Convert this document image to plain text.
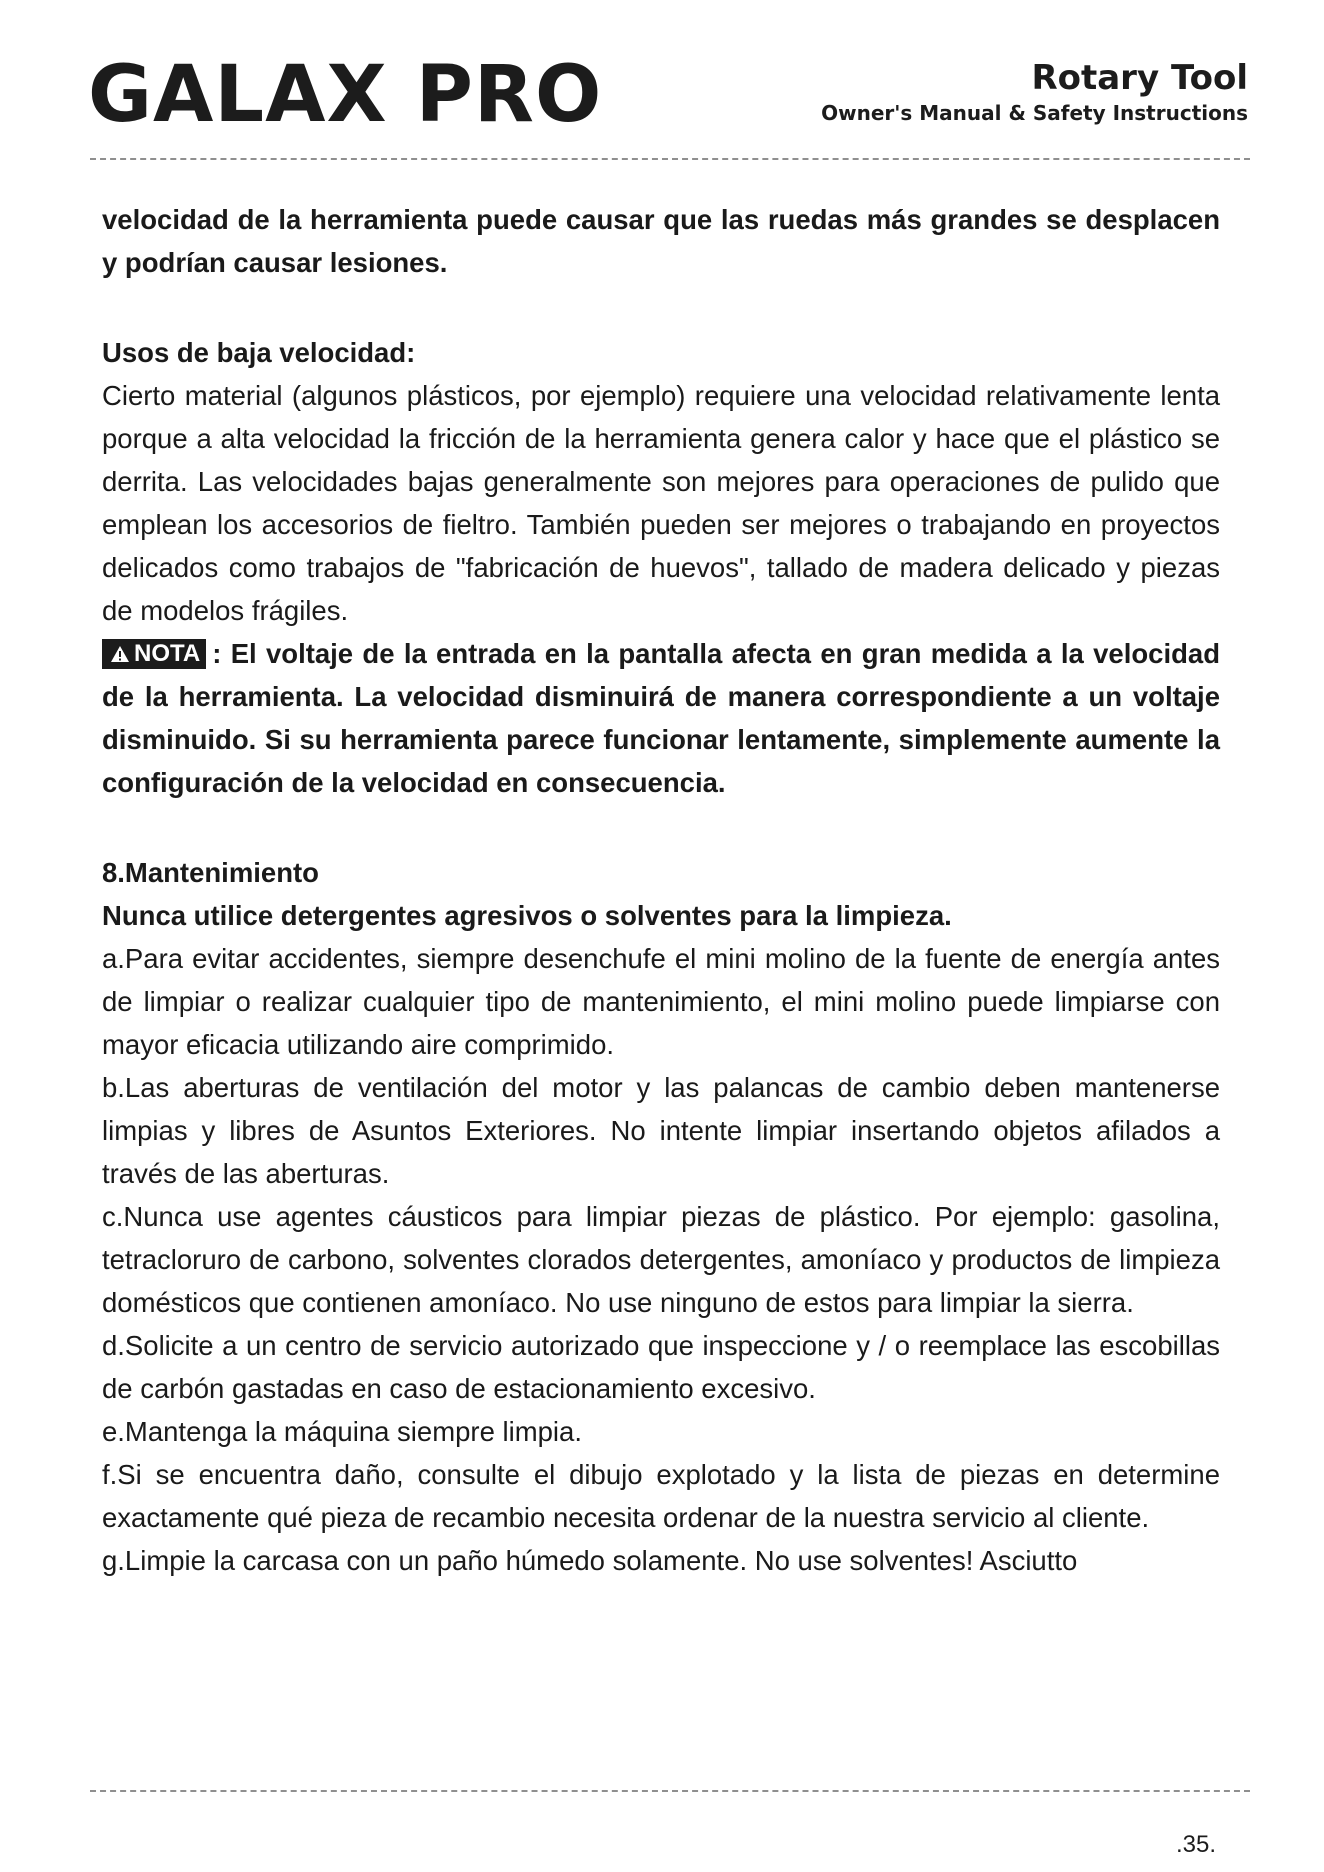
GALAX PRO	Rotary Tool
Owner's Manual & Safety Instructions

velocidad de la herramienta puede causar que las ruedas más grandes se desplacen y podrían causar lesiones.

Usos de baja velocidad:

Cierto material (algunos plásticos, por ejemplo) requiere una velocidad relativamente lenta porque a alta velocidad la fricción de la herramienta genera calor y hace que el plástico se derrita. Las velocidades bajas generalmente son mejores para operaciones de pulido que emplean los accesorios de fieltro. También pueden ser mejores o trabajando en proyectos delicados como trabajos de "fabricación de huevos", tallado de madera delicado y piezas de modelos frágiles.

NOTA : El voltaje de la entrada en la pantalla afecta en gran medida a la velocidad de la herramienta. La velocidad disminuirá de manera correspondiente a un voltaje disminuido. Si su herramienta parece funcionar lentamente, simplemente aumente la configuración de la velocidad en consecuencia.

8.Mantenimiento

Nunca utilice detergentes agresivos o solventes para la limpieza.

a.Para evitar accidentes, siempre desenchufe el mini molino de la fuente de energía antes de limpiar o realizar cualquier tipo de mantenimiento, el mini molino puede limpiarse con mayor eficacia utilizando aire comprimido.

b.Las aberturas de ventilación del motor y las palancas de cambio deben mantenerse limpias y libres de Asuntos Exteriores. No intente limpiar insertando objetos afilados a través de las aberturas.

c.Nunca use agentes cáusticos para limpiar piezas de plástico. Por ejemplo: gasolina, tetracloruro de carbono, solventes clorados detergentes, amoníaco y productos de limpieza domésticos que contienen amoníaco. No use ninguno de estos para limpiar la sierra.

d.Solicite a un centro de servicio autorizado que inspeccione y / o reemplace las escobillas de carbón gastadas en caso de estacionamiento excesivo.

e.Mantenga la máquina siempre limpia.

f.Si se encuentra daño, consulte el dibujo explotado y la lista de piezas en determine exactamente qué pieza de recambio necesita ordenar de la nuestra servicio al cliente.

g.Limpie la carcasa con un paño húmedo solamente. No use solventes! Asciutto

.35.
